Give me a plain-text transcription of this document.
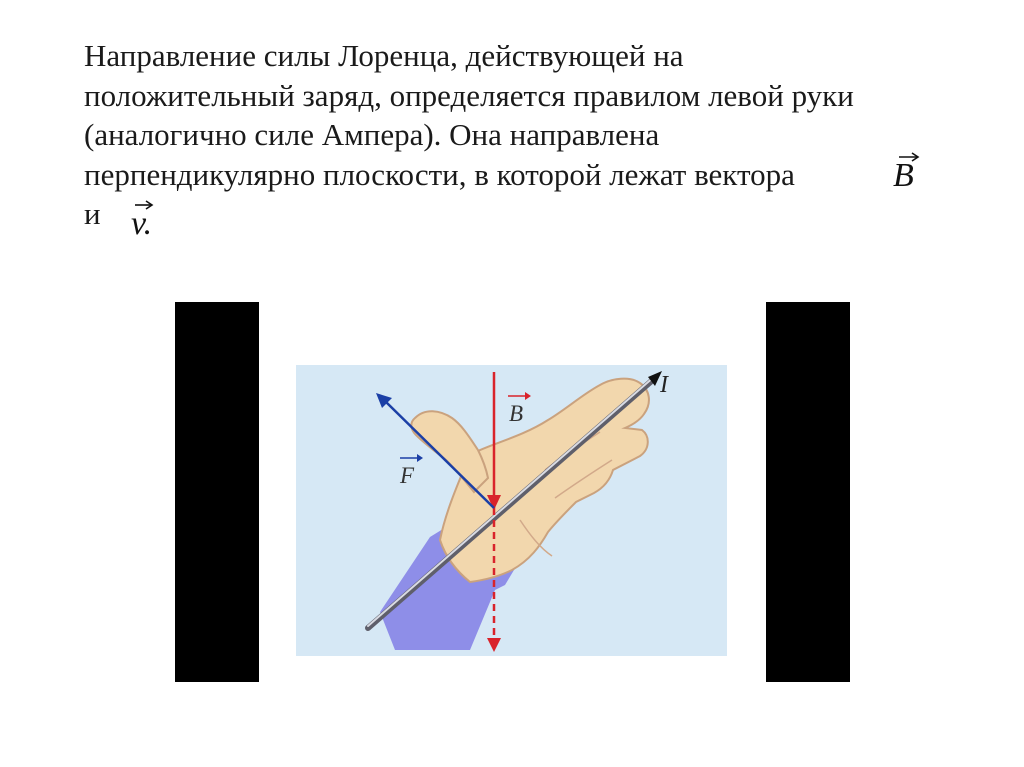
Направление силы Лоренца, действующей на
положительный заряд, определяется правилом левой руки
(аналогично силе Ампера). Она направлена
перпендикулярно плоскости, в которой лежат вектора
и
B
v.
B
F
I
